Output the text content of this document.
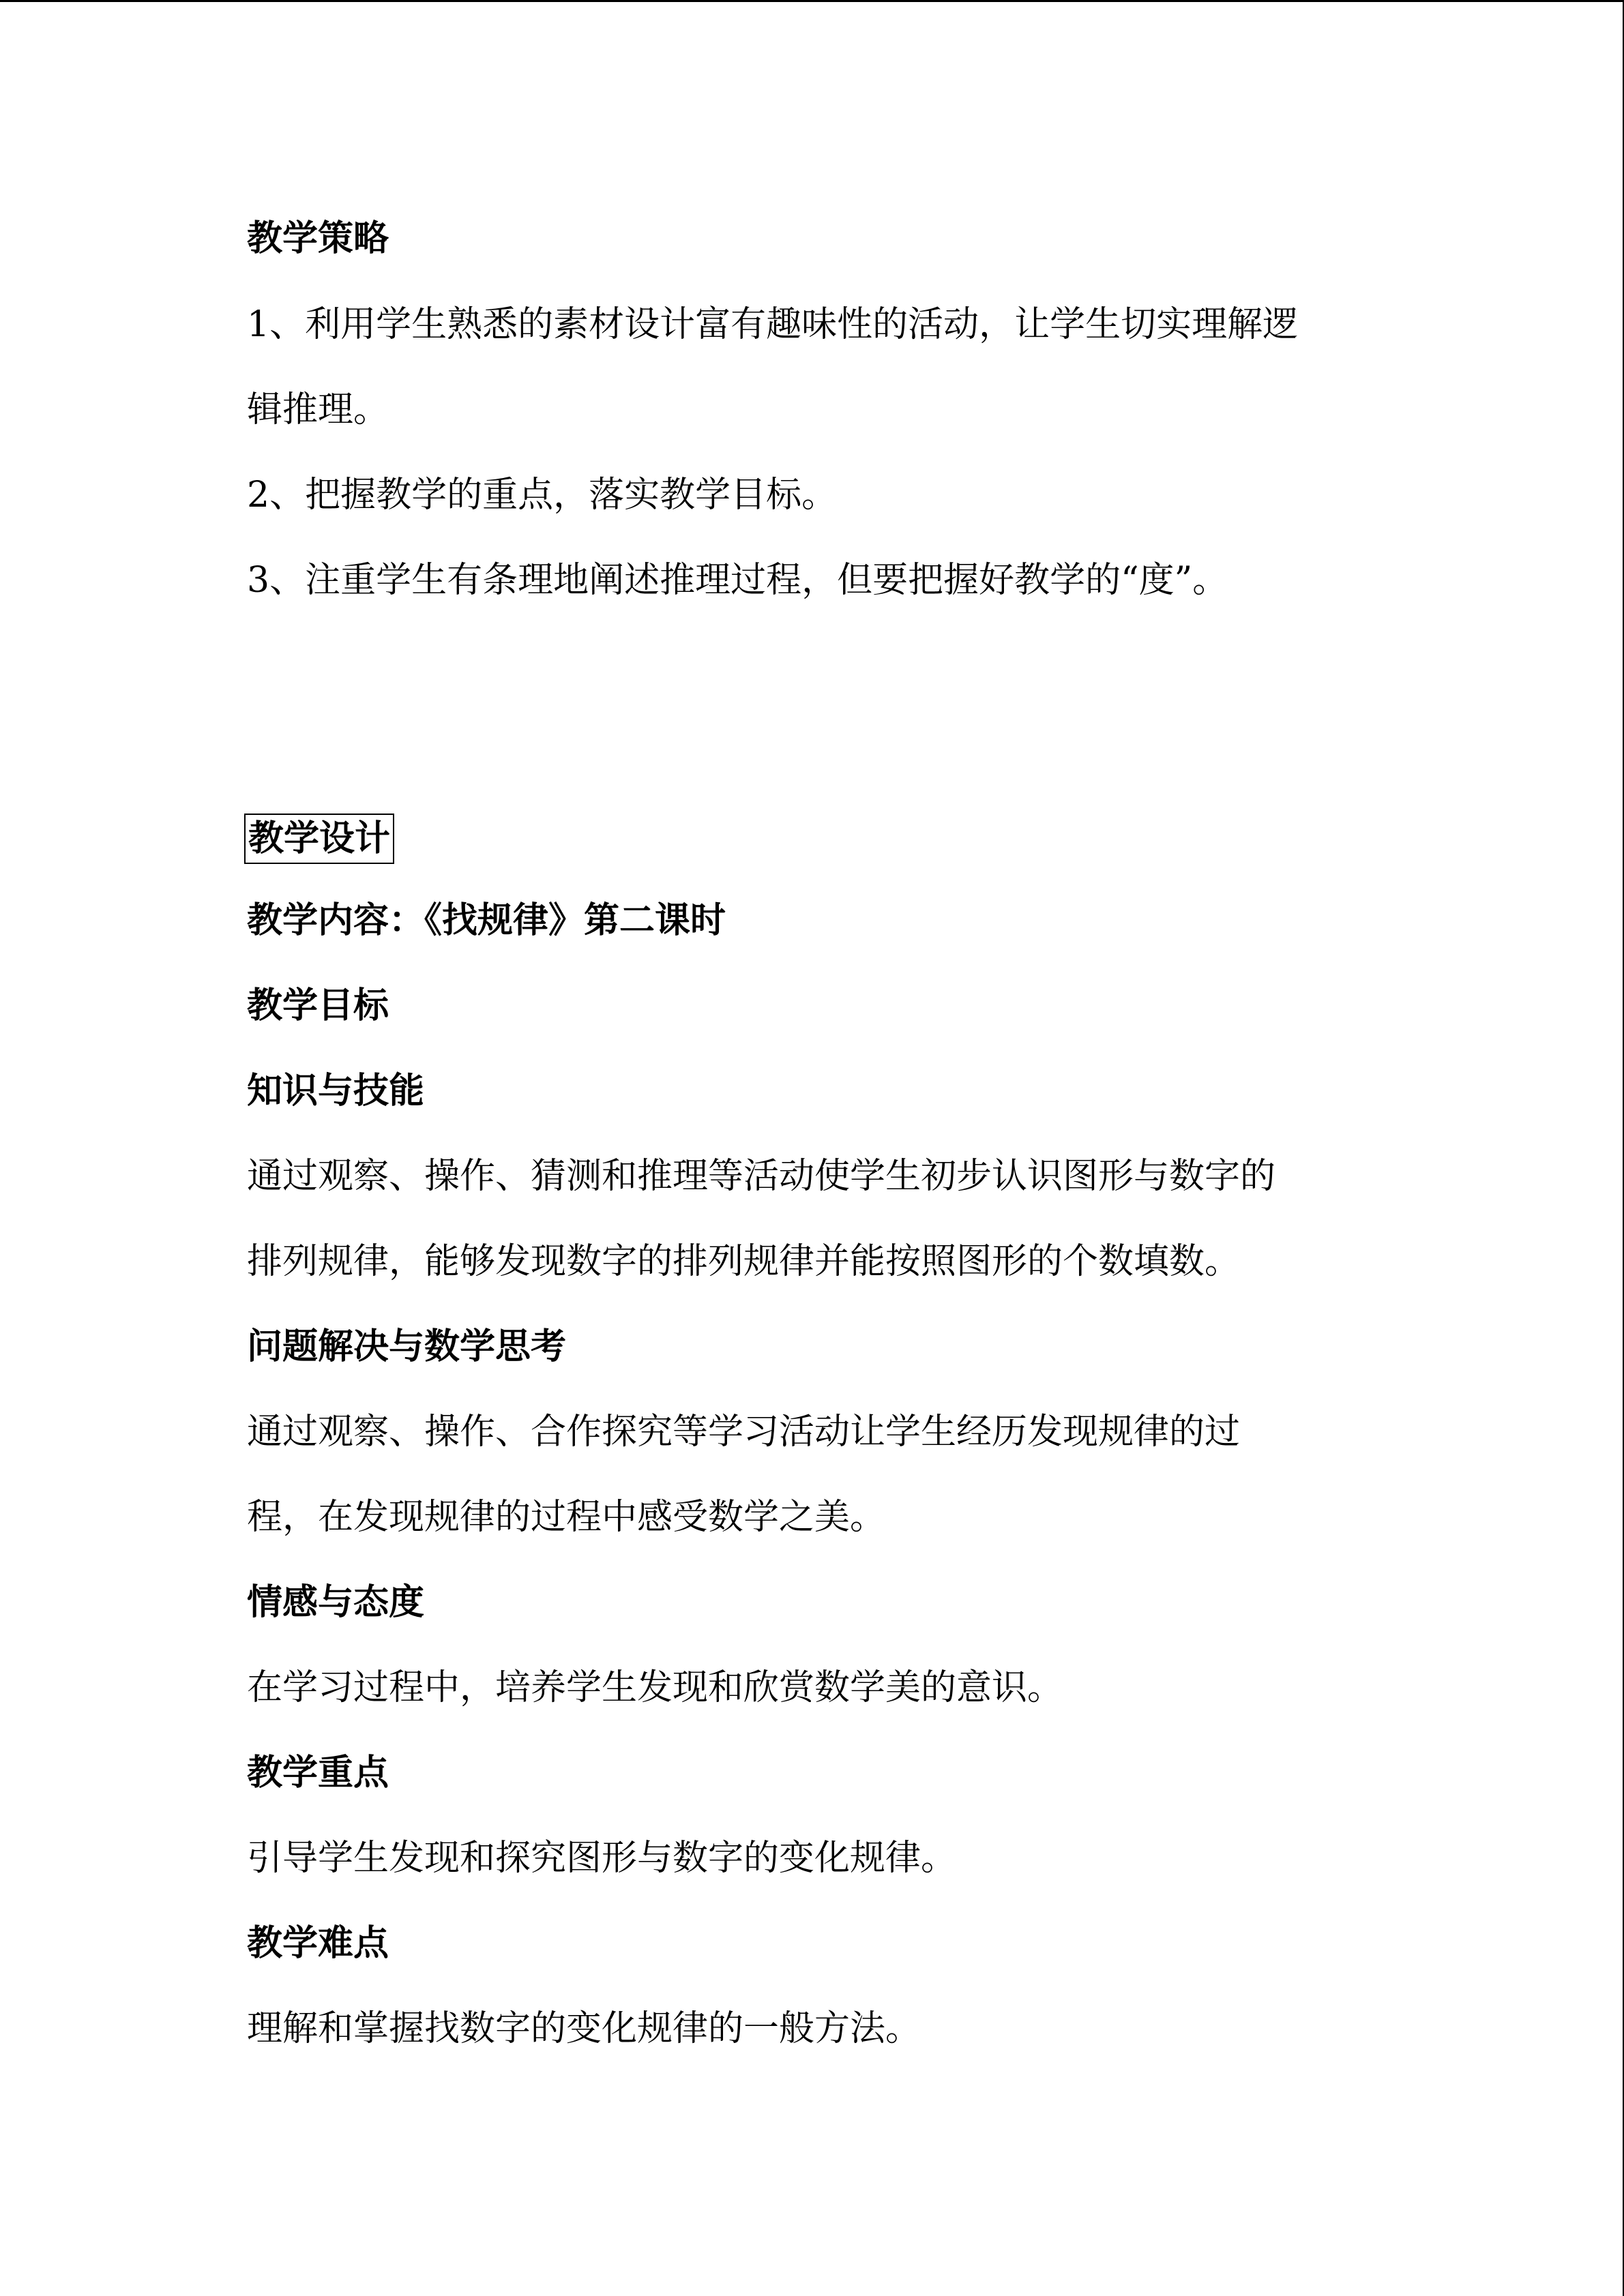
教学策略
1、利用学生熟悉的素材设计富有趣味性的活动，让学生切实理解逻
辑推理。
2、把握教学的重点，落实教学目标。
3、注重学生有条理地阐述推理过程，但要把握好教学的“度”。
教学设计
教学内容：《找规律》第二课时
教学目标
知识与技能
通过观察、操作、猜测和推理等活动使学生初步认识图形与数字的
排列规律，能够发现数字的排列规律并能按照图形的个数填数。
问题解决与数学思考
通过观察、操作、合作探究等学习活动让学生经历发现规律的过
程，在发现规律的过程中感受数学之美。
情感与态度
在学习过程中，培养学生发现和欣赏数学美的意识。
教学重点
引导学生发现和探究图形与数字的变化规律。
教学难点
理解和掌握找数字的变化规律的一般方法。
